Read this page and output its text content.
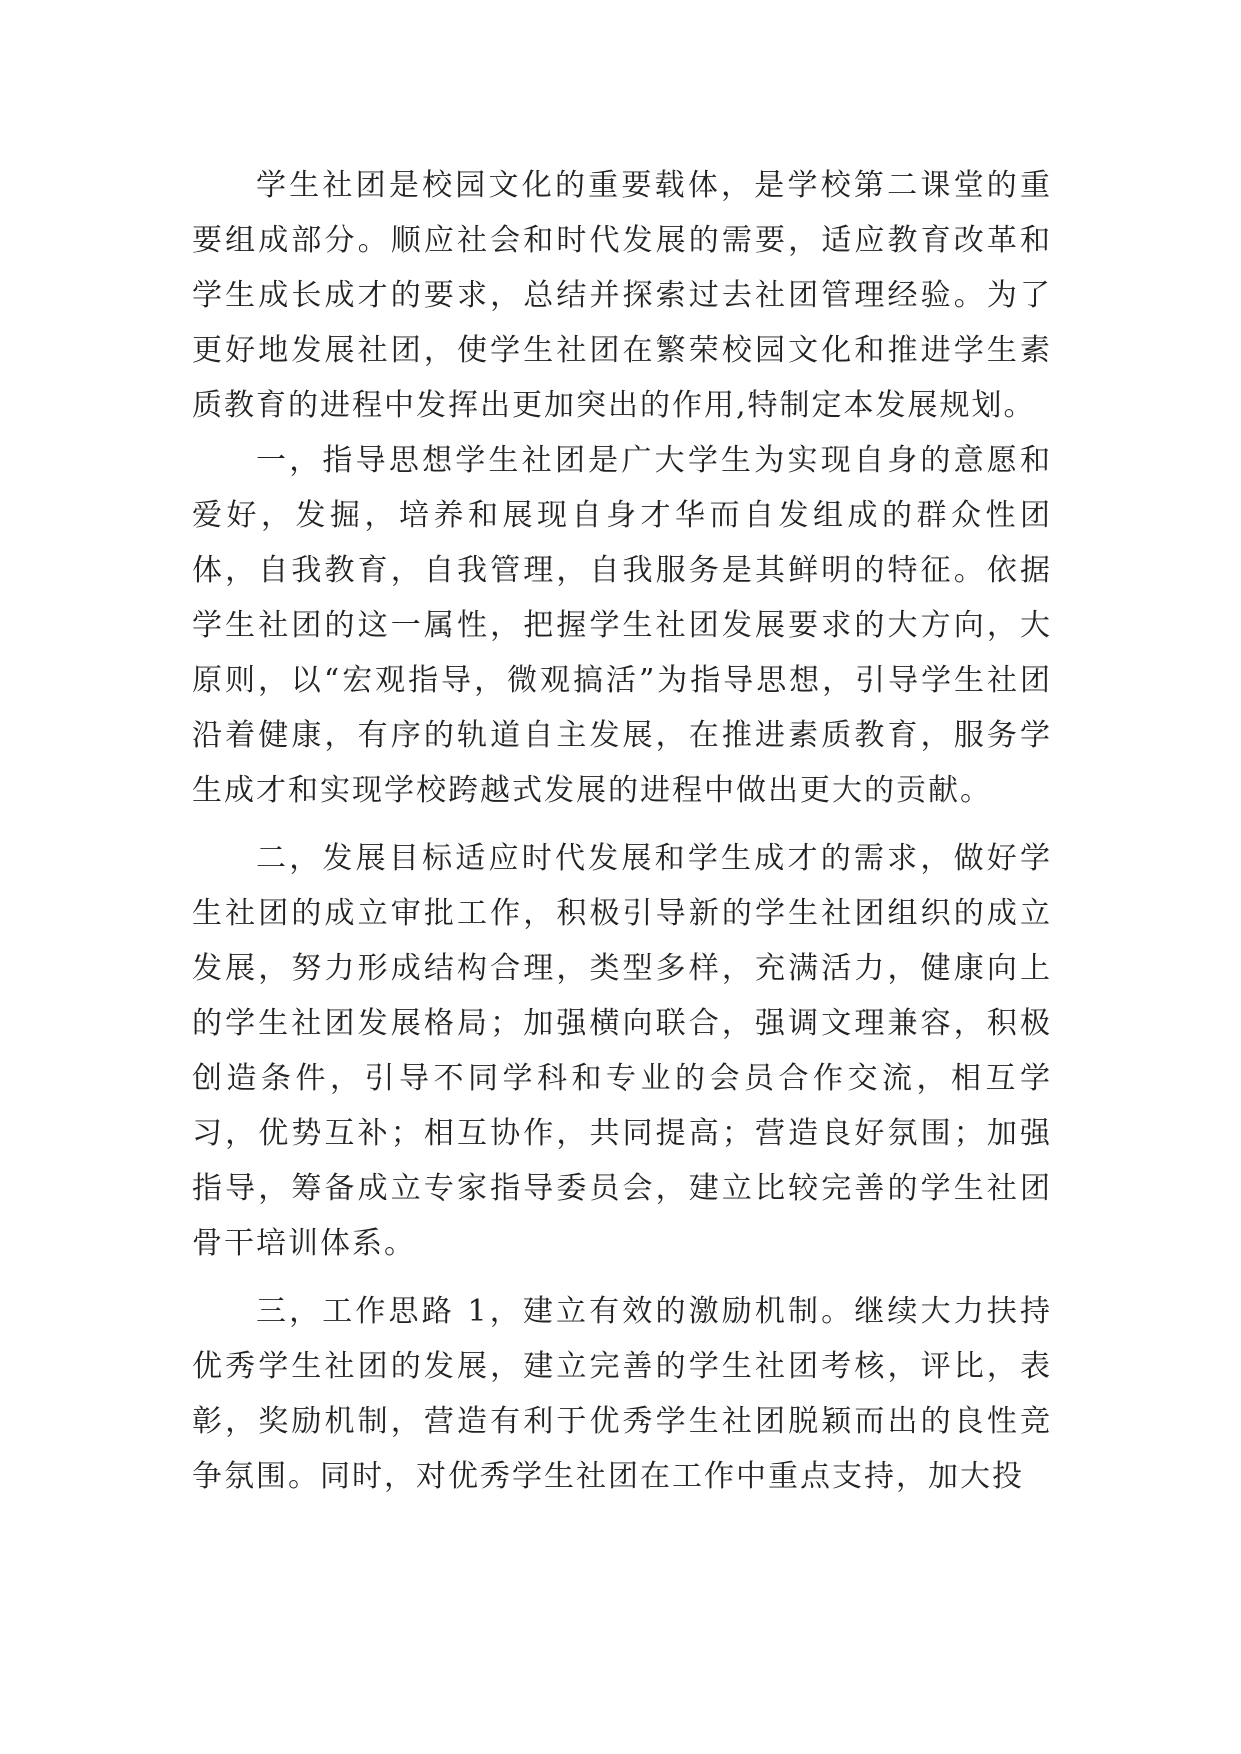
学生社团是校园文化的重要载体，是学校第二课堂的重要组成部分。顺应社会和时代发展的需要，适应教育改革和学生成长成才的要求，总结并探索过去社团管理经验。为了更好地发展社团，使学生社团在繁荣校园文化和推进学生素质教育的进程中发挥出更加突出的作用,特制定本发展规划。

一，指导思想学生社团是广大学生为实现自身的意愿和爱好，发掘，培养和展现自身才华而自发组成的群众性团体，自我教育，自我管理，自我服务是其鲜明的特征。依据学生社团的这一属性，把握学生社团发展要求的大方向，大原则，以“宏观指导，微观搞活”为指导思想，引导学生社团沿着健康，有序的轨道自主发展，在推进素质教育，服务学生成才和实现学校跨越式发展的进程中做出更大的贡献。

二，发展目标适应时代发展和学生成才的需求，做好学生社团的成立审批工作，积极引导新的学生社团组织的成立发展，努力形成结构合理，类型多样，充满活力，健康向上的学生社团发展格局；加强横向联合，强调文理兼容，积极创造条件，引导不同学科和专业的会员合作交流，相互学习，优势互补；相互协作，共同提高；营造良好氛围；加强指导，筹备成立专家指导委员会，建立比较完善的学生社团骨干培训体系。

三，工作思路 1，建立有效的激励机制。继续大力扶持优秀学生社团的发展，建立完善的学生社团考核，评比，表彰，奖励机制，营造有利于优秀学生社团脱颖而出的良性竞争氛围。同时，对优秀学生社团在工作中重点支持，加大投
